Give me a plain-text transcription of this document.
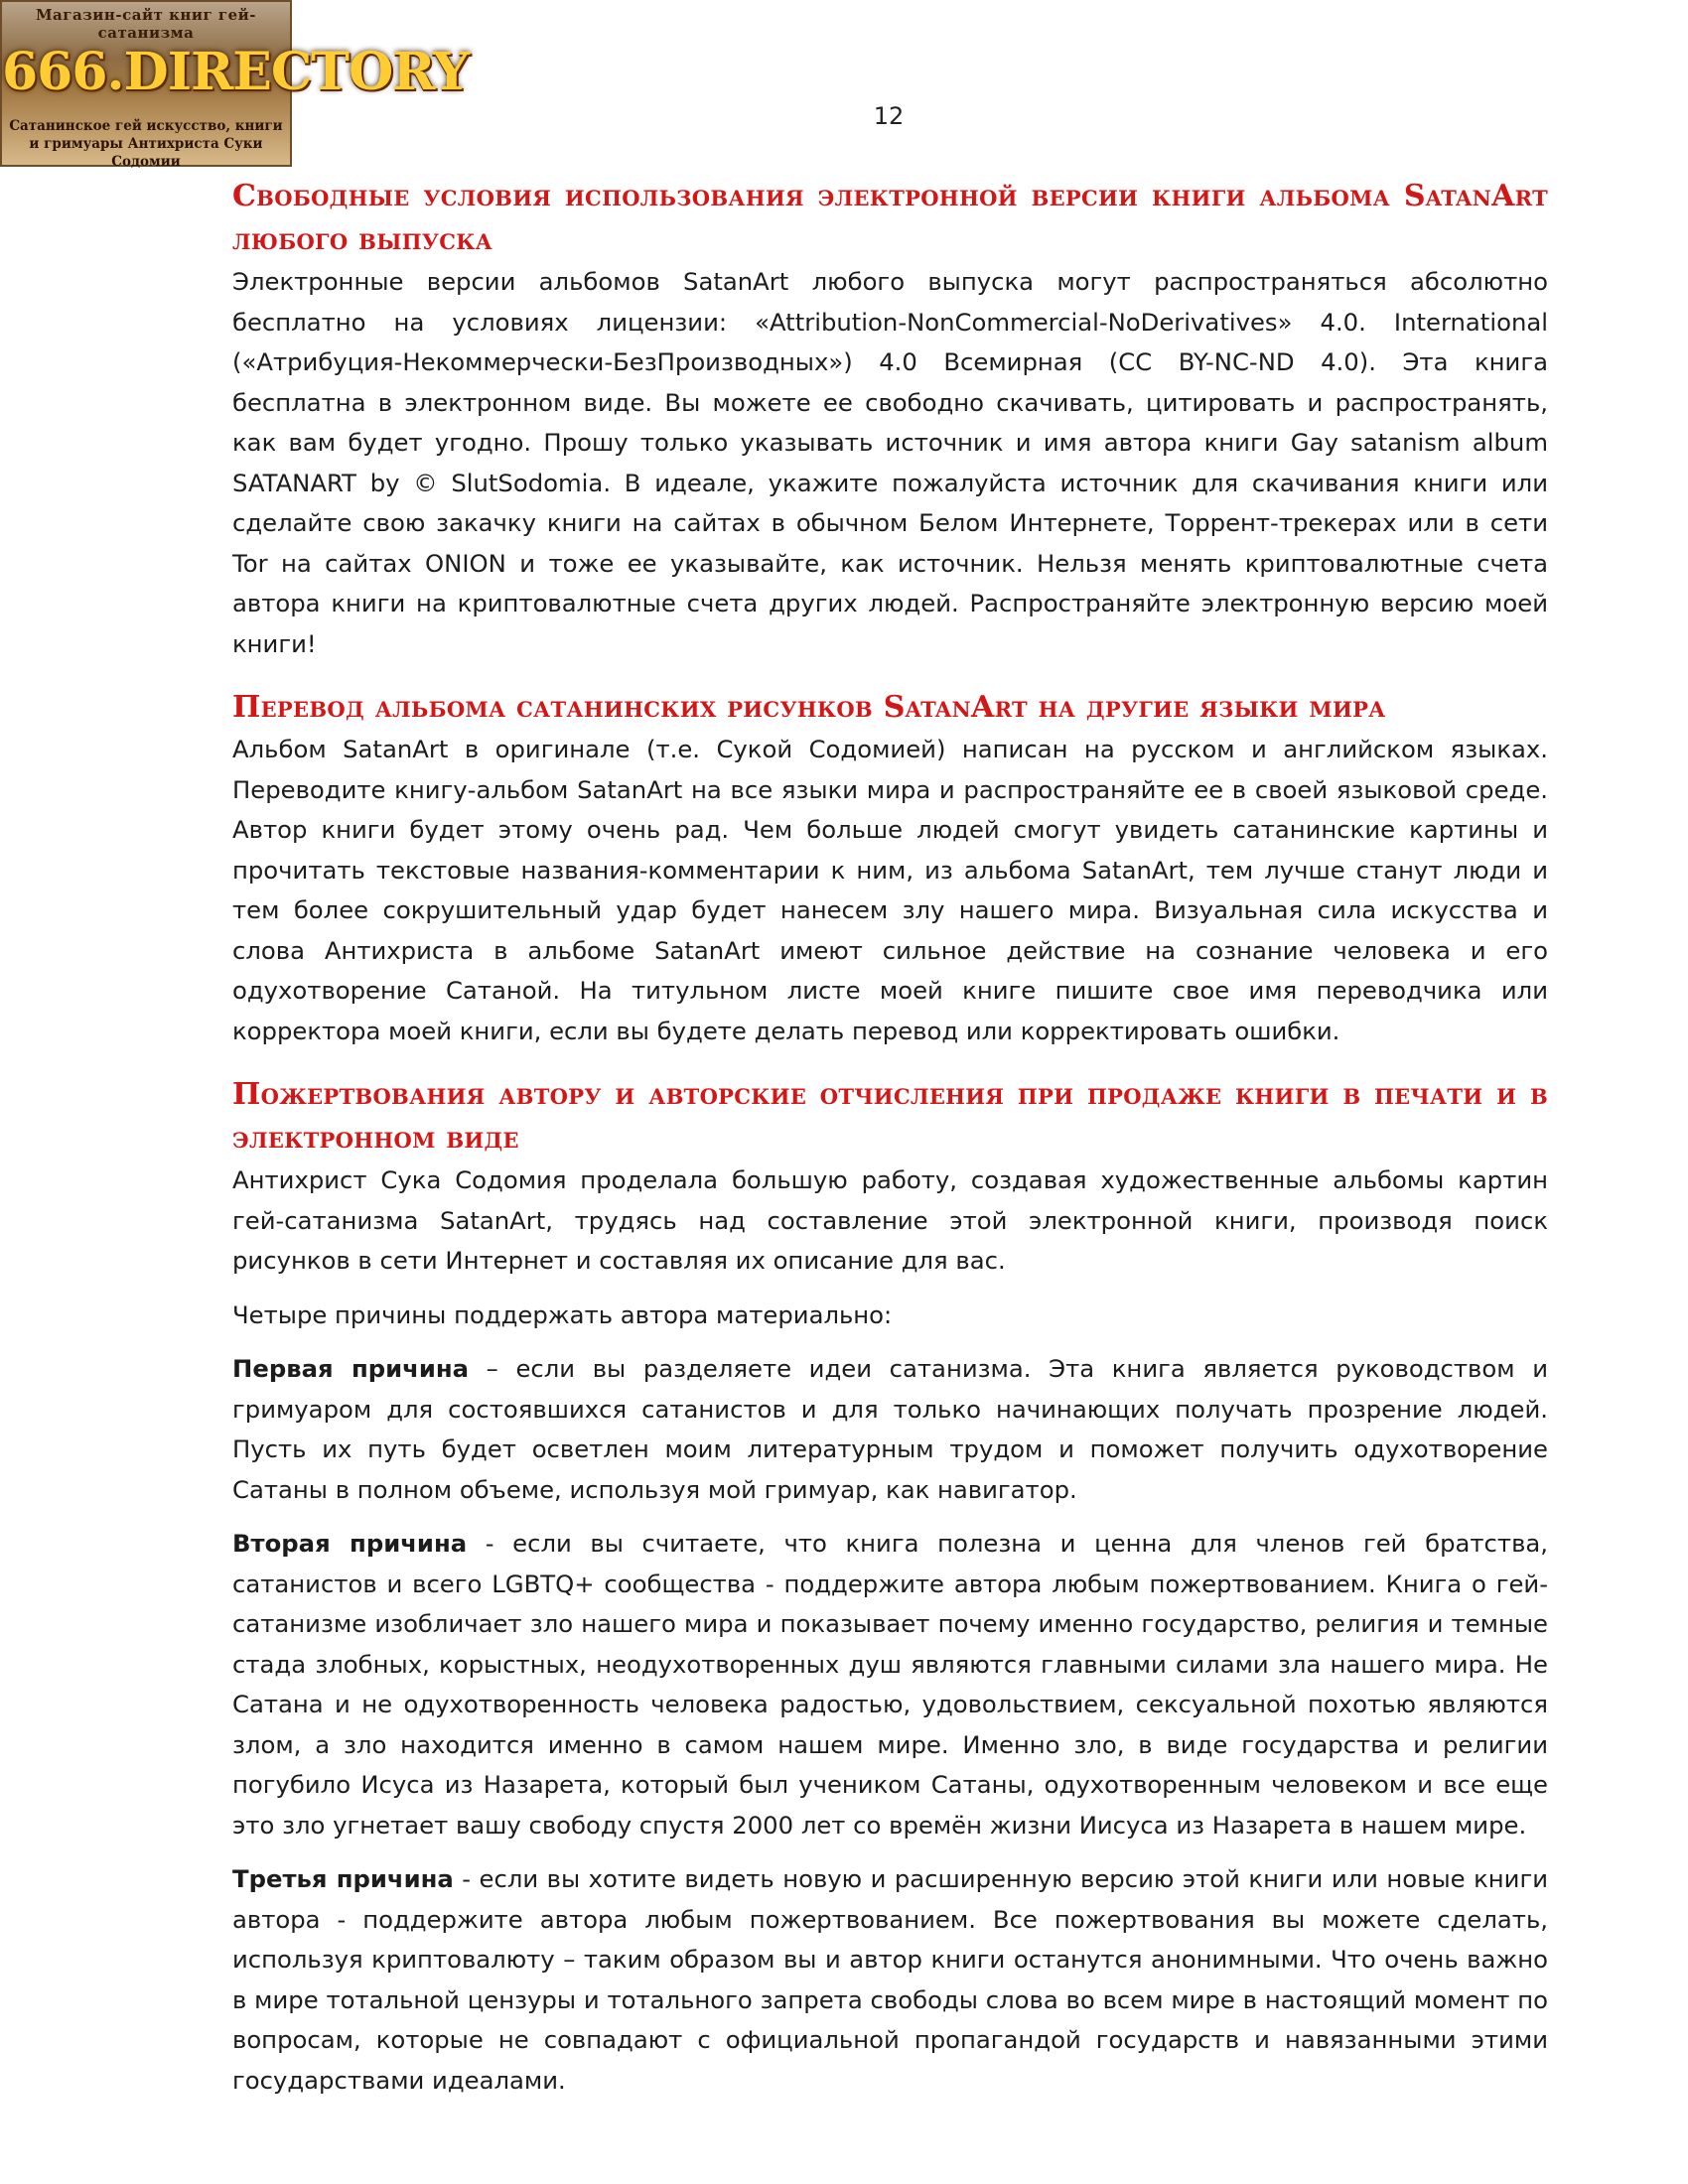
Магазин-сайт книг гей-сатанизма
666.DIRECTORY
Сатанинское гей искусство, книги
и гримуары Антихриста Суки Содомии
12
Свободные условия использования электронной версии книги альбома SatanArt любого выпуска

Электронные версии альбомов SatanArt любого выпуска могут распространяться абсолютно бесплатно на условиях лицензии: «Attribution-NonCommercial-NoDerivatives» 4.0. International («Атрибуция-Некоммерчески-БезПроизводных») 4.0 Всемирная (CC BY-NC-ND 4.0). Эта книга бесплатна в электронном виде. Вы можете ее свободно скачивать, цитировать и распространять, как вам будет угодно. Прошу только указывать источник и имя автора книги Gay satanism album SATANART by © SlutSodomia. В идеале, укажите пожалуйста источник для скачивания книги или сделайте свою закачку книги на сайтах в обычном Белом Интернете, Торрент-трекерах или в сети Tor на сайтах ONION и тоже ее указывайте, как источник. Нельзя менять криптовалютные счета автора книги на криптовалютные счета других людей. Распространяйте электронную версию моей книги!

Перевод альбома сатанинских рисунков SatanArt на другие языки мира

Альбом SatanArt в оригинале (т.е. Сукой Содомией) написан на русском и английском языках. Переводите книгу-альбом SatanArt на все языки мира и распространяйте ее в своей языковой среде. Автор книги будет этому очень рад. Чем больше людей смогут увидеть сатанинские картины и прочитать текстовые названия-комментарии к ним, из альбома SatanArt, тем лучше станут люди и тем более сокрушительный удар будет нанесем злу нашего мира. Визуальная сила искусства и слова Антихриста в альбоме SatanArt имеют сильное действие на сознание человека и его одухотворение Сатаной. На титульном листе моей книге пишите свое имя переводчика или корректора моей книги, если вы будете делать перевод или корректировать ошибки.

Пожертвования автору и авторские отчисления при продаже книги в печати и в электронном виде

Антихрист Сука Содомия проделала большую работу, создавая художественные альбомы картин гей-сатанизма SatanArt, трудясь над составление этой электронной книги, производя поиск рисунков в сети Интернет и составляя их описание для вас.

Четыре причины поддержать автора материально:

Первая причина – если вы разделяете идеи сатанизма. Эта книга является руководством и гримуаром для состоявшихся сатанистов и для только начинающих получать прозрение людей. Пусть их путь будет осветлен моим литературным трудом и поможет получить одухотворение Сатаны в полном объеме, используя мой гримуар, как навигатор.

Вторая причина - если вы считаете, что книга полезна и ценна для членов гей братства, сатанистов и всего LGBTQ+ сообщества - поддержите автора любым пожертвованием. Книга о гей-сатанизме изобличает зло нашего мира и показывает почему именно государство, религия и темные стада злобных, корыстных, неодухотворенных душ являются главными силами зла нашего мира. Не Сатана и не одухотворенность человека радостью, удовольствием, сексуальной похотью являются злом, а зло находится именно в самом нашем мире. Именно зло, в виде государства и религии погубило Исуса из Назарета, который был учеником Сатаны, одухотворенным человеком и все еще это зло угнетает вашу свободу спустя 2000 лет со времён жизни Иисуса из Назарета в нашем мире.

Третья причина - если вы хотите видеть новую и расширенную версию этой книги или новые книги автора - поддержите автора любым пожертвованием. Все пожертвования вы можете сделать, используя криптовалюту – таким образом вы и автор книги останутся анонимными. Что очень важно в мире тотальной цензуры и тотального запрета свободы слова во всем мире в настоящий момент по вопросам, которые не совпадают с официальной пропагандой государств и навязанными этими государствами идеалами.
